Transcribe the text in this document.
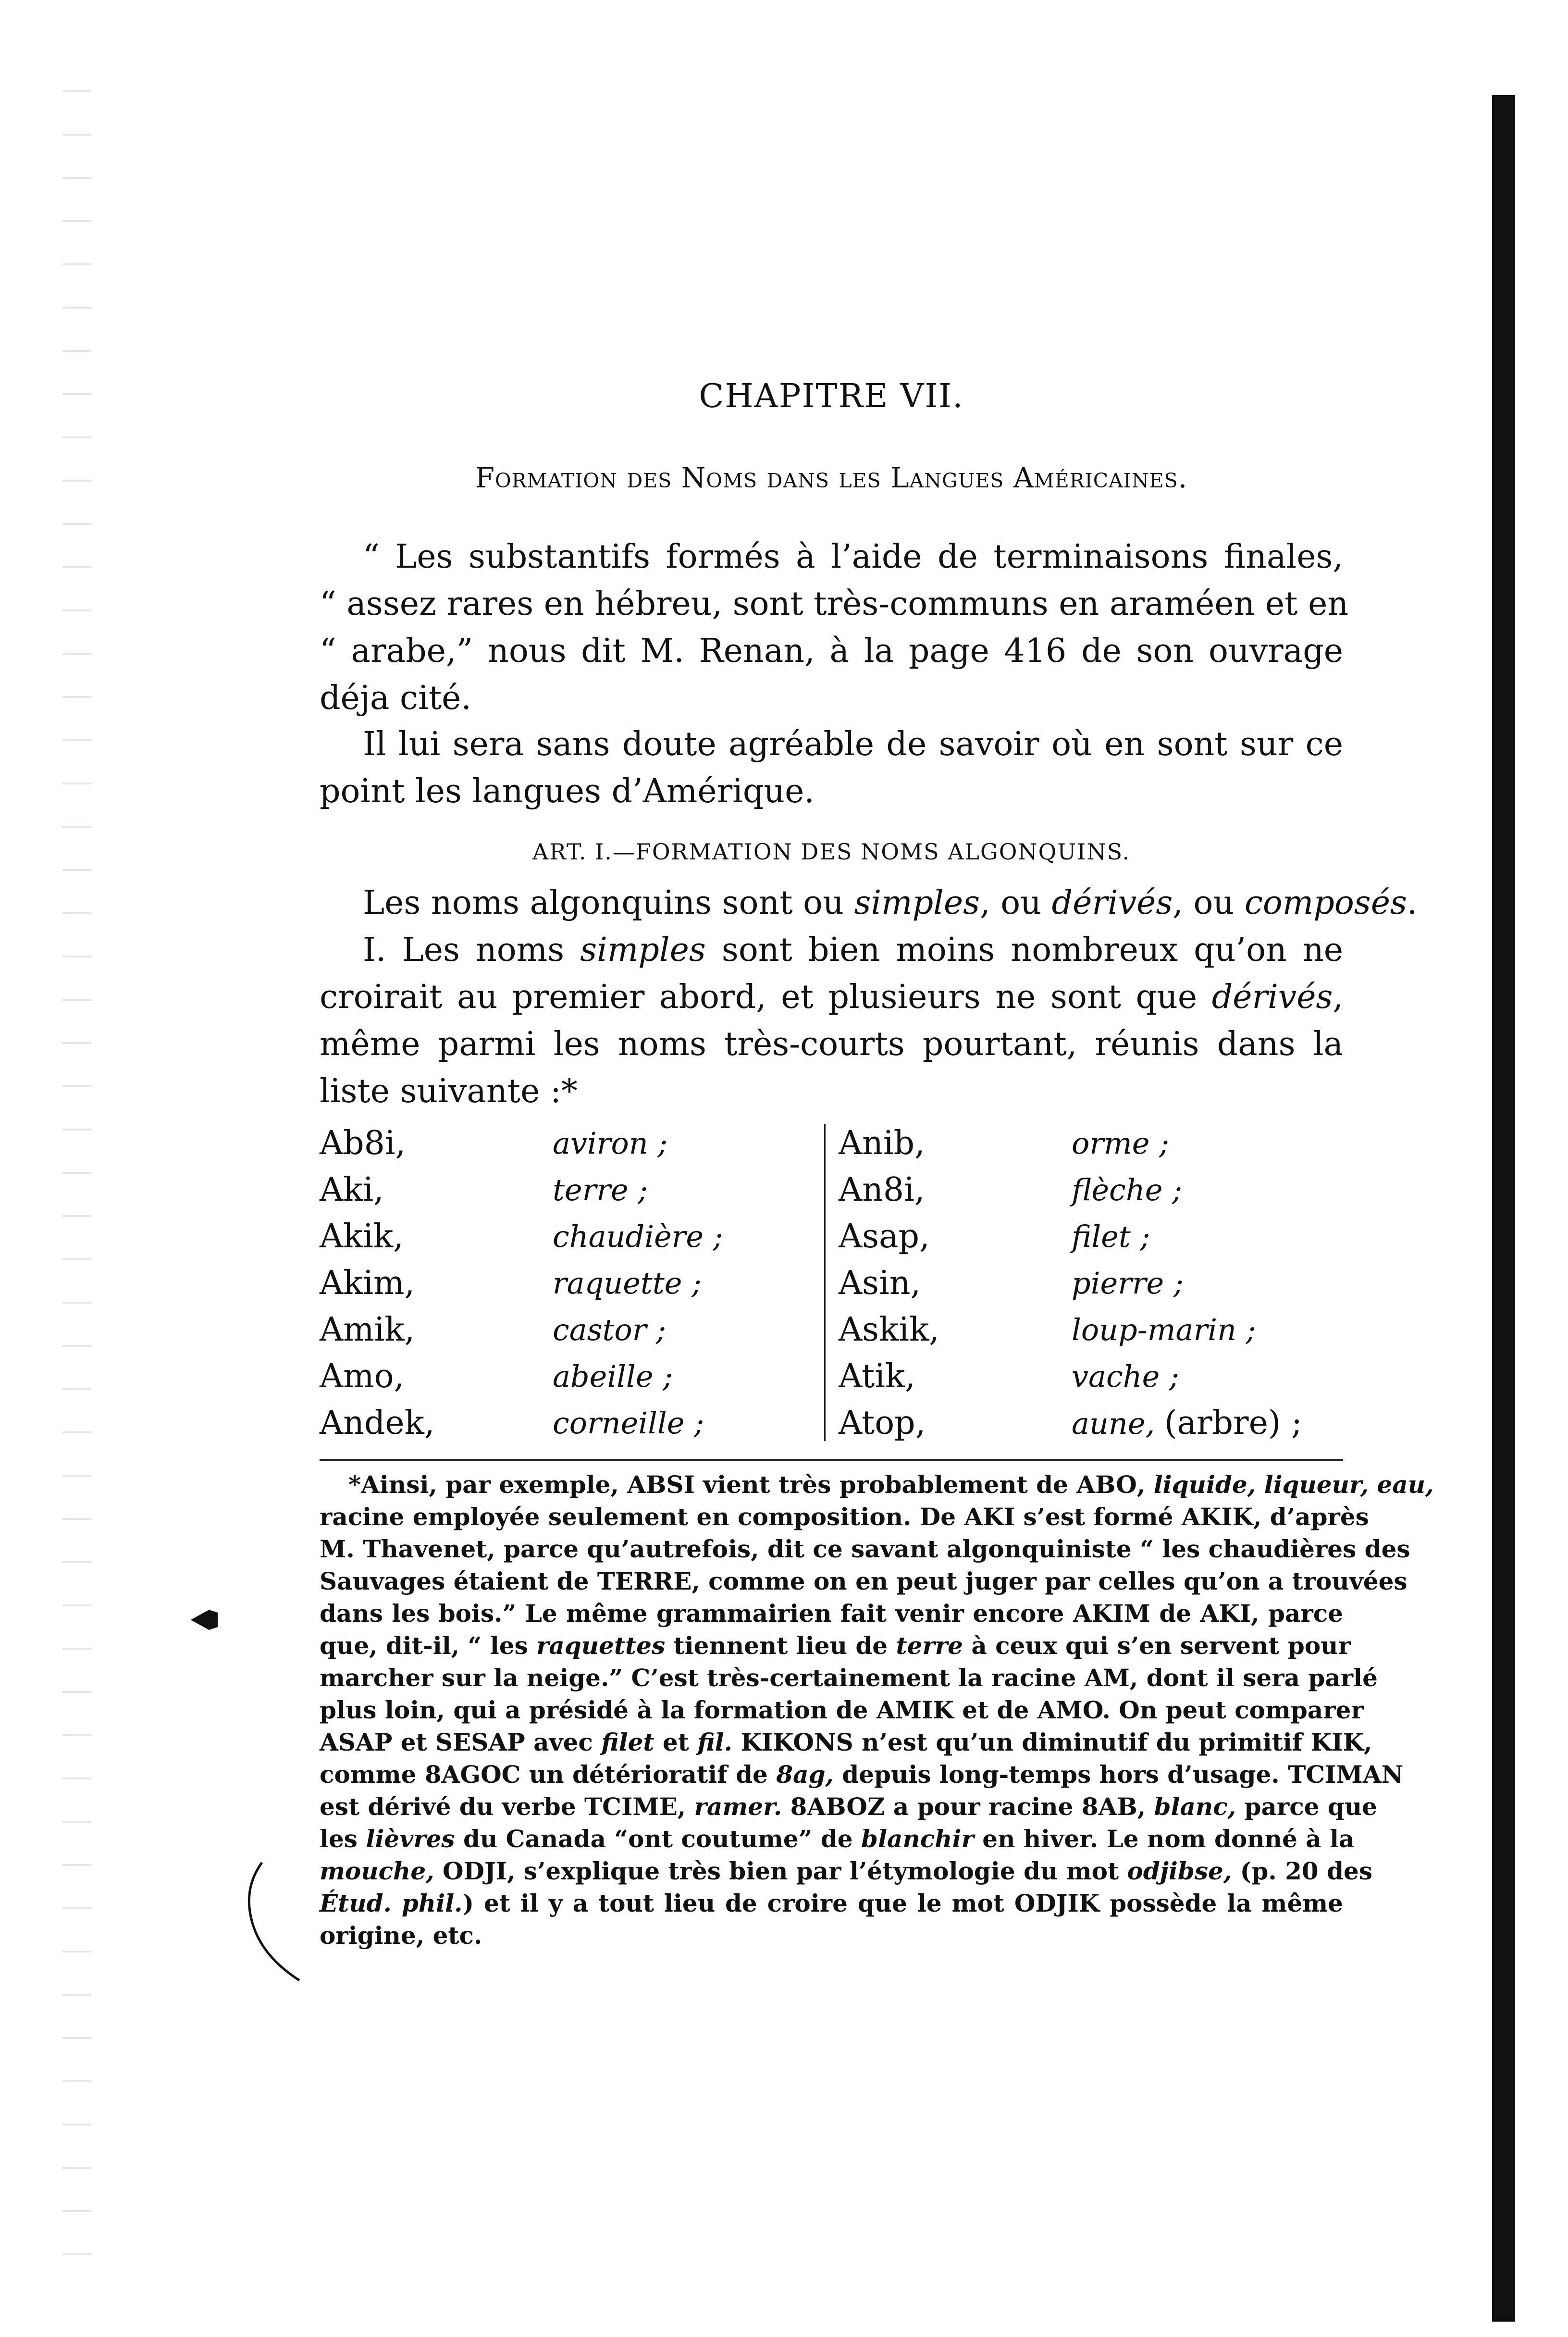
CHAPITRE VII.
Formation des Noms dans les Langues Américaines.
“ Les substantifs formés à l’aide de terminaisons finales,
“ assez rares en hébreu, sont très-communs en araméen et en
“ arabe,” nous dit M. Renan, à la page 416 de son ouvrage
déja cité.
Il lui sera sans doute agréable de savoir où en sont sur ce
point les langues d’Amérique.
ART. I.—FORMATION DES NOMS ALGONQUINS.
Les noms algonquins sont ou simples, ou dérivés, ou composés.
I. Les noms simples sont bien moins nombreux qu’on ne
croirait au premier abord, et plusieurs ne sont que dérivés,
même parmi les noms très-courts pourtant, réunis dans la
liste suivante :*
Ab8i,	aviron ;	Anib,	orme ;
Aki,	terre ;	An8i,	flèche ;
Akik,	chaudière ;	Asap,	filet ;
Akim,	raquette ;	Asin,	pierre ;
Amik,	castor ;	Askik,	loup-marin ;
Amo,	abeille ;	Atik,	vache ;
Andek,	corneille ;	Atop,	aune, (arbre) ;
*Ainsi, par exemple, ABSI vient très probablement de ABO, liquide, liqueur, eau,
racine employée seulement en composition. De AKI s’est formé AKIK, d’après
M. Thavenet, parce qu’autrefois, dit ce savant algonquiniste “ les chaudières des
Sauvages étaient de TERRE, comme on en peut juger par celles qu’on a trouvées
dans les bois.” Le même grammairien fait venir encore AKIM de AKI, parce
que, dit-il, “ les raquettes tiennent lieu de terre à ceux qui s’en servent pour
marcher sur la neige.” C’est très-certainement la racine AM, dont il sera parlé
plus loin, qui a présidé à la formation de AMIK et de AMO. On peut comparer
ASAP et SESAP avec filet et fil. KIKONS n’est qu’un diminutif du primitif KIK,
comme 8AGOC un détérioratif de 8ag, depuis long-temps hors d’usage. TCIMAN
est dérivé du verbe TCIME, ramer. 8ABOZ a pour racine 8AB, blanc, parce que
les lièvres du Canada “ont coutume” de blanchir en hiver. Le nom donné à la
mouche, ODJI, s’explique très bien par l’étymologie du mot odjibse, (p. 20 des
Étud. phil.) et il y a tout lieu de croire que le mot ODJIK possède la même
origine, etc.
